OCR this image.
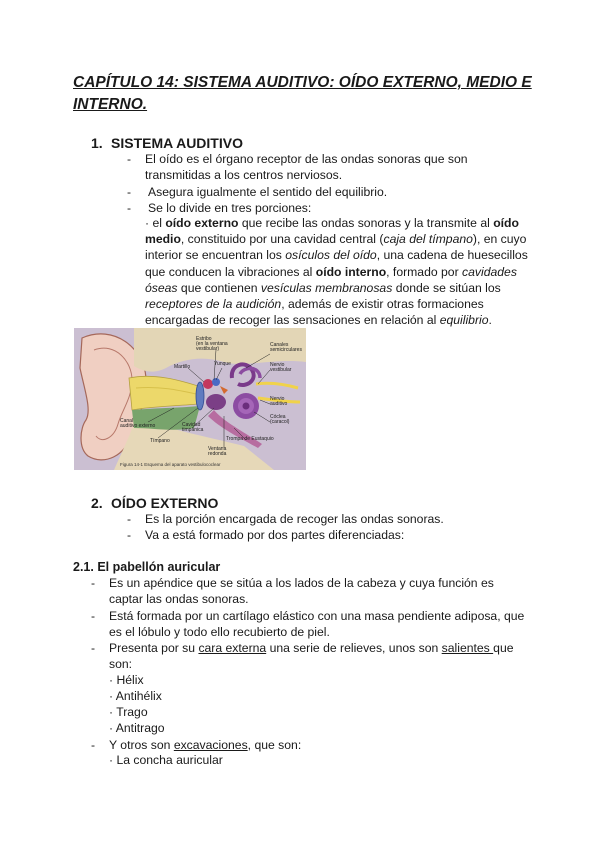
CAPÍTULO 14: SISTEMA AUDITIVO: OÍDO EXTERNO, MEDIO E INTERNO.
1. SISTEMA AUDITIVO
-	El oído es el órgano receptor de las ondas sonoras que son
transmitidas a los centros nerviosos.
-	Asegura igualmente el sentido del equilibrio.
-	Se lo divide en tres porciones:

· el oído externo que recibe las ondas sonoras y la transmite al oído medio, constituido por una cavidad central (caja del tímpano), en cuyo interior se encuentran los osículos del oído, una cadena de huesecillos que conducen la vibraciones al oído interno, formado por cavidades óseas que contienen vesículas membranosas donde se sitúan los receptores de la audición, además de existir otras formaciones encargadas de recoger las sensaciones en relación al equilibrio.

Estribo
(en la ventana
vestibular)
Canales
semicirculares
Martillo	Yunque	Nervio
vestibular
Nervio
auditivo
Cóclea
(caracol)
Canal
auditivo externo
Tímpano
Cavidad
timpánica
Trompa de Eustaquio
Ventana
redonda
Figura 14-1 Esquema del aparato vestibulococlear
2. OÍDO EXTERNO
-	Es la porción encargada de recoger las ondas sonoras.
-	Va a está formado por dos partes diferenciadas:
2.1. El pabellón auricular
-	Es un apéndice que se sitúa a los lados de la cabeza y cuya función es
captar las ondas sonoras.
-	Está formada por un cartílago elástico con una masa pendiente adiposa, que
es el lóbulo y todo ello recubierto de piel.
-	Presenta por su cara externa una serie de relieves, unos son salientes que
son:
· Hélix
· Antihélix
· Trago
· Antitrago
-	Y otros son excavaciones, que son:
· La concha auricular
